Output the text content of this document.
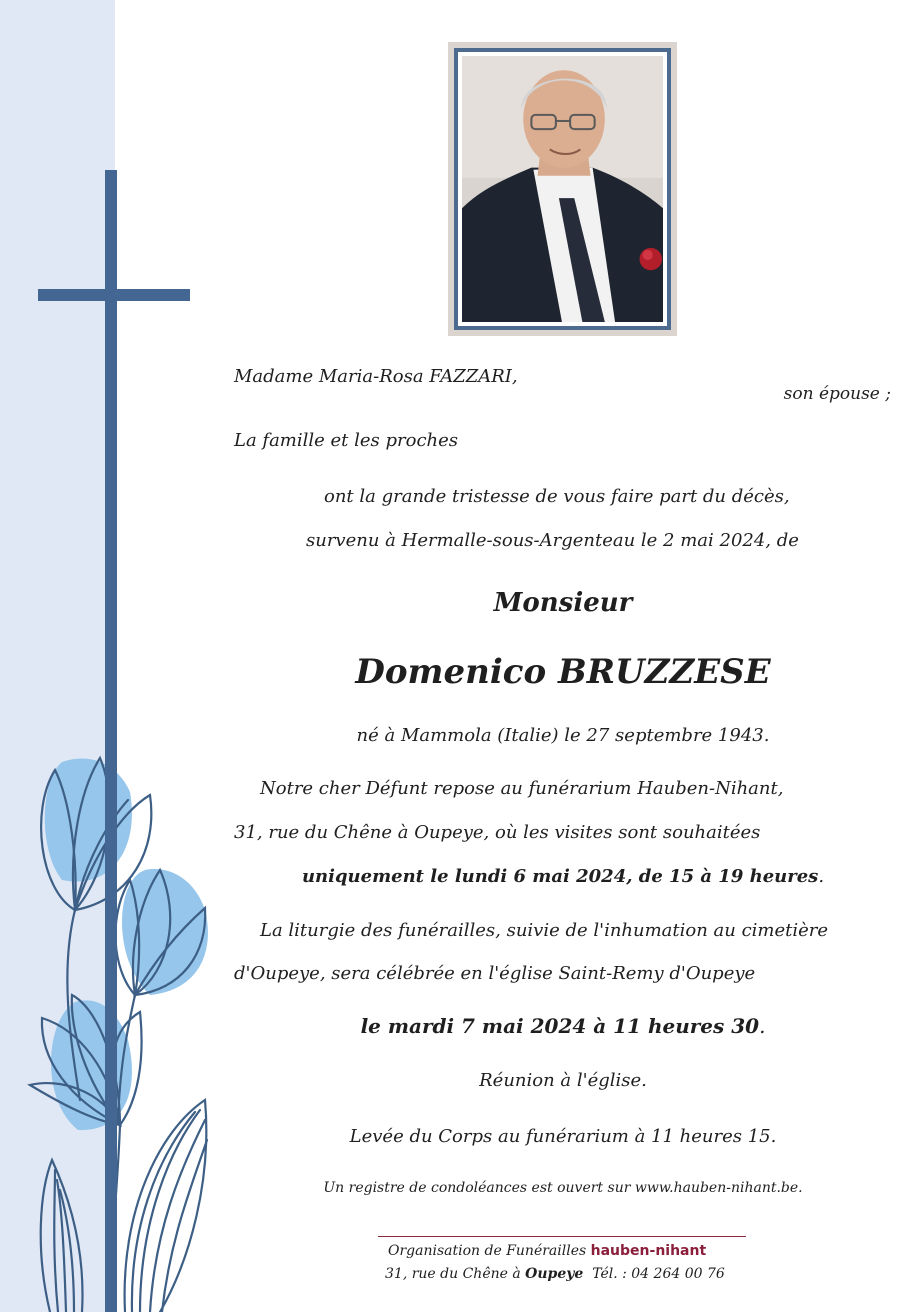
Madame Maria-Rosa FAZZARI,

son épouse ;

La famille et les proches

ont la grande tristesse de vous faire part du décès,

survenu à Hermalle-sous-Argenteau le 2 mai 2024, de

Monsieur

Domenico BRUZZESE

né à Mammola (Italie) le 27 septembre 1943.

Notre cher Défunt repose au funérarium Hauben-Nihant,

31, rue du Chêne à Oupeye, où les visites sont souhaitées

uniquement le lundi 6 mai 2024, de 15 à 19 heures.

La liturgie des funérailles, suivie de l'inhumation au cimetière

d'Oupeye, sera célébrée en l'église Saint-Remy d'Oupeye

le mardi 7 mai 2024 à 11 heures 30.

Réunion à l'église.

Levée du Corps au funérarium à 11 heures 15.

Un registre de condoléances est ouvert sur www.hauben-nihant.be.

Organisation de Funérailles hauben-nihant

31, rue du Chêne à Oupeye Tél. : 04 264 00 76
